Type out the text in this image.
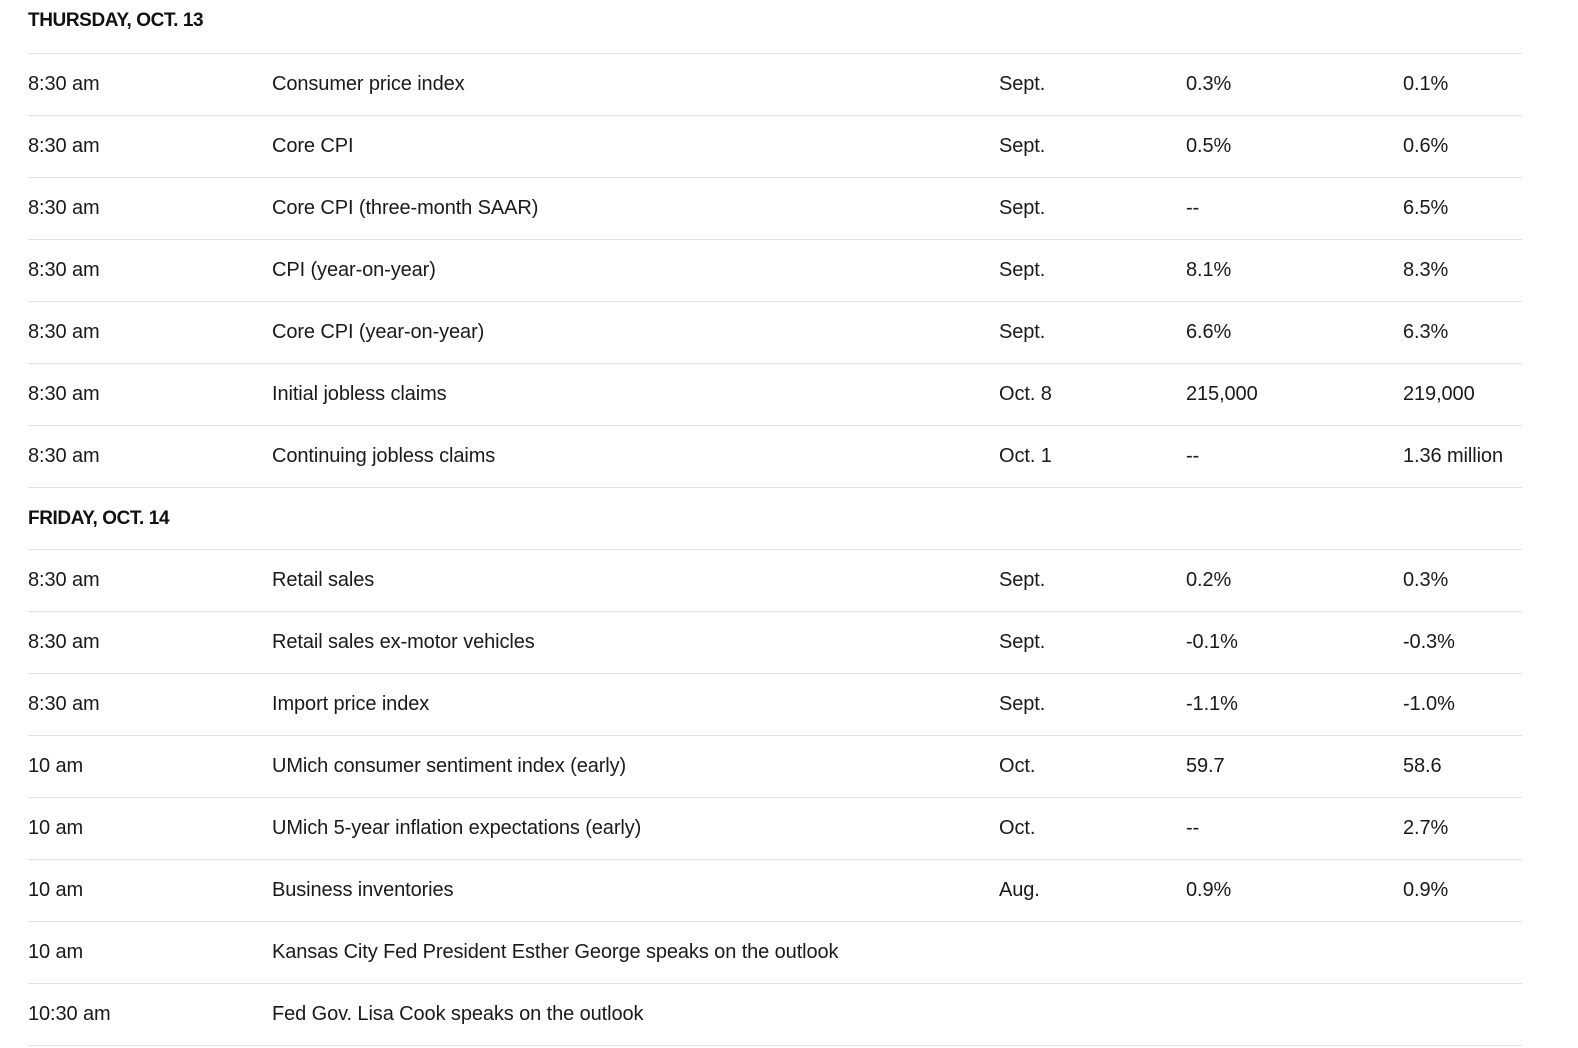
THURSDAY, OCT. 13
8:30 am	Consumer price index	Sept.	0.3%	0.1%
8:30 am	Core CPI	Sept.	0.5%	0.6%
8:30 am	Core CPI (three-month SAAR)	Sept.	--	6.5%
8:30 am	CPI (year-on-year)	Sept.	8.1%	8.3%
8:30 am	Core CPI (year-on-year)	Sept.	6.6%	6.3%
8:30 am	Initial jobless claims	Oct. 8	215,000	219,000
8:30 am	Continuing jobless claims	Oct. 1	--	1.36 million
FRIDAY, OCT. 14
8:30 am	Retail sales	Sept.	0.2%	0.3%
8:30 am	Retail sales ex-motor vehicles	Sept.	-0.1%	-0.3%
8:30 am	Import price index	Sept.	-1.1%	-1.0%
10 am	UMich consumer sentiment index (early)	Oct.	59.7	58.6
10 am	UMich 5-year inflation expectations (early)	Oct.	--	2.7%
10 am	Business inventories	Aug.	0.9%	0.9%
10 am	Kansas City Fed President Esther George speaks on the outlook
10:30 am	Fed Gov. Lisa Cook speaks on the outlook
